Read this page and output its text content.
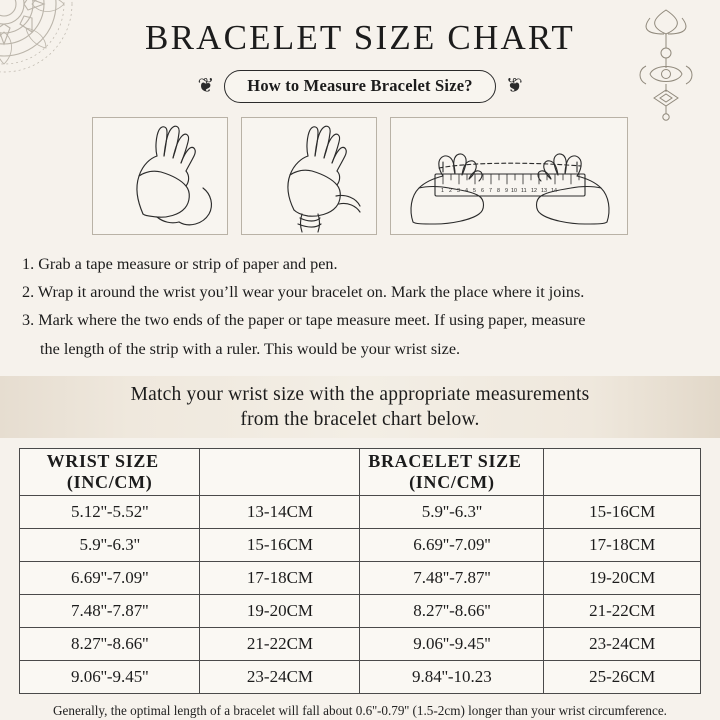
BRACELET SIZE CHART
❦	How to Measure Bracelet Size?	❦
1 2 3 4 5 6 7 8 9 10 11 12 13 14
1. Grab a tape measure or strip of paper and pen.
2. Wrap it around the wrist you’ll wear your bracelet on. Mark the place where it joins.
3. Mark where the two ends of the paper or tape measure meet. If using paper, measure
the length of the strip with a ruler. This would be your wrist size.
Match your wrist size with the appropriate measurements
from the bracelet chart below.
WRIST SIZE(INC/CM)		BRACELET SIZE(INC/CM)	
5.12''-5.52''	13-14CM	5.9''-6.3''	15-16CM
5.9''-6.3''	15-16CM	6.69''-7.09''	17-18CM
6.69''-7.09''	17-18CM	7.48''-7.87''	19-20CM
7.48''-7.87''	19-20CM	8.27''-8.66''	21-22CM
8.27''-8.66''	21-22CM	9.06''-9.45''	23-24CM
9.06''-9.45''	23-24CM	9.84''-10.23	25-26CM
Generally, the optimal length of a bracelet will fall about 0.6''-0.79'' (1.5-2cm) longer than your wrist circumference.
